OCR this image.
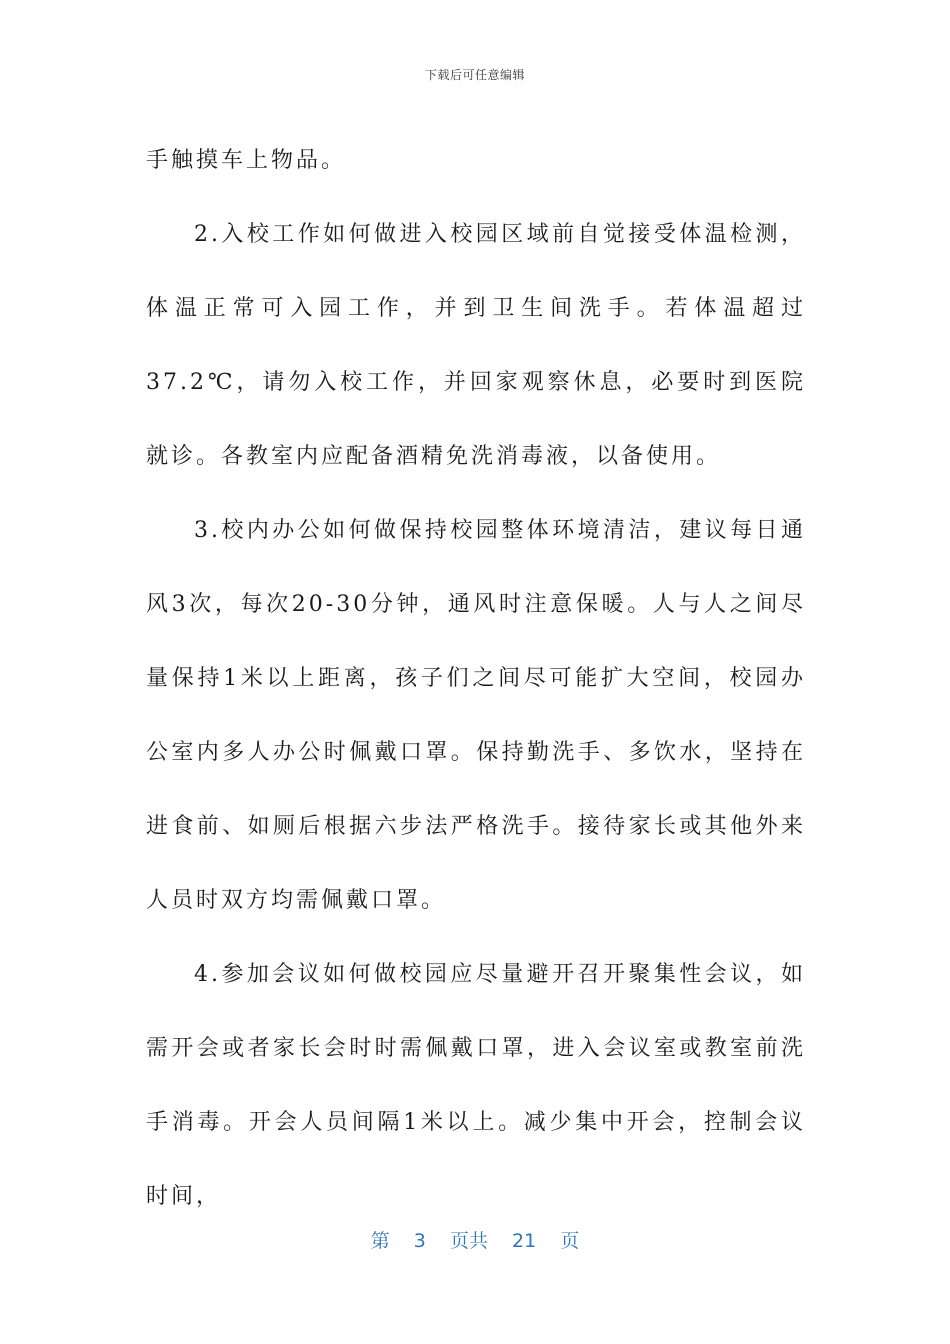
下载后可任意编辑

手触摸车上物品。

2.入校工作如何做进入校园区域前自觉接受体温检测，体温正常可入园工作，并到卫生间洗手。若体温超过37.2℃，请勿入校工作，并回家观察休息，必要时到医院就诊。各教室内应配备酒精免洗消毒液，以备使用。

3.校内办公如何做保持校园整体环境清洁，建议每日通风3次，每次20-30分钟，通风时注意保暖。人与人之间尽量保持1米以上距离，孩子们之间尽可能扩大空间，校园办公室内多人办公时佩戴口罩。保持勤洗手、多饮水，坚持在进食前、如厕后根据六步法严格洗手。接待家长或其他外来人员时双方均需佩戴口罩。

4.参加会议如何做校园应尽量避开召开聚集性会议，如需开会或者家长会时时需佩戴口罩，进入会议室或教室前洗手消毒。开会人员间隔1米以上。减少集中开会，控制会议时间，

第 3 页共 21 页
